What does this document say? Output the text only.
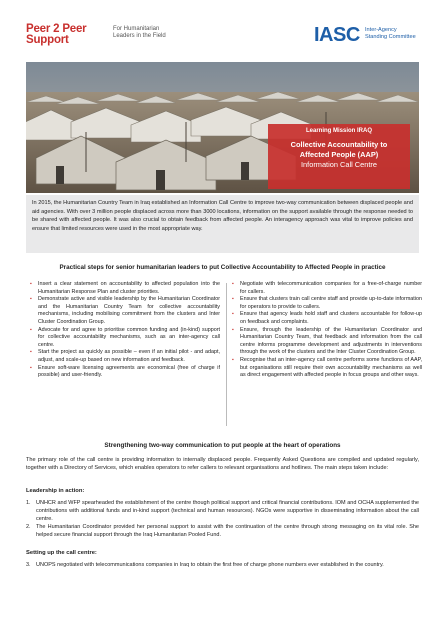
Peer 2 Peer
Support
For Humanitarian
Leaders in the Field	IASC Inter-Agency
Standing Committee
Learning Mission IRAQ
Collective Accountability to
Affected People (AAP)
Information Call Centre
In 2015, the Humanitarian Country Team in Iraq established an Information Call Centre to improve two-way communication between displaced people and aid agencies. With over 3 million people displaced across more than 3000 locations, information on the support available through the response needed to be shared with affected people. It was also crucial to obtain feedback from affected people. An interagency approach was vital to improve policies and ensure that limited resources were used in the most appropriate way.
Practical steps for senior humanitarian leaders to put Collective Accountability to Affected People in practice
▪ Insert a clear statement on accountability to affected population into the Humanitarian Response Plan and cluster priorities.
▪ Demonstrate active and visible leadership by the Humanitarian Coordinator and the Humanitarian Country Team for collective accountability mechanisms, including mobilising commitment from the clusters and Inter Cluster Coordination Group.
▪ Advocate for and agree to prioritise common funding and (in-kind) support for collective accountability mechanisms, such as an inter-agency call centre.
▪ Start the project as quickly as possible – even if an initial pilot - and adapt, adjust, and scale-up based on new information and feedback.
▪ Ensure soft-ware licensing agreements are economical (free of charge if possible) and user-friendly.
▪ Negotiate with telecommunication companies for a free-of-charge number for callers.
▪ Ensure that clusters train call centre staff and provide up-to-date information for operators to provide to callers.
▪ Ensure that agency leads hold staff and clusters accountable for follow-up on feedback and complaints.
▪ Ensure, through the leadership of the Humanitarian Coordinator and Humanitarian Country Team, that feedback and information from the call centre informs programme development and adjustments in interventions through the work of the clusters and the Inter Cluster Coordination Group.
▪ Recognise that an inter-agency call centre performs some functions of AAP, but organisations still require their own accountability mechanisms as well as direct engagement with affected people in focus groups and other ways.
Strengthening two-way communication to put people at the heart of operations
The primary role of the call centre is providing information to internally displaced people. Frequently Asked Questions are compiled and updated regularly, together with a Directory of Services, which enables operators to refer callers to relevant organisations and hotlines. The main steps taken include:
Leadership in action:
1. UNHCR and WFP spearheaded the establishment of the centre though political support and critical financial contributions. IOM and OCHA supplemented the contributions with additional funds and in-kind support (technical and human resources). NGOs were supportive in disseminating information about the call centre.
2. The Humanitarian Coordinator provided her personal support to assist with the continuation of the centre through strong messaging on its vital role. She helped secure financial support through the Iraq Humanitarian Pooled Fund.
Setting up the call centre:
3. UNOPS negotiated with telecommunications companies in Iraq to obtain the first free of charge phone numbers ever established in the country.
